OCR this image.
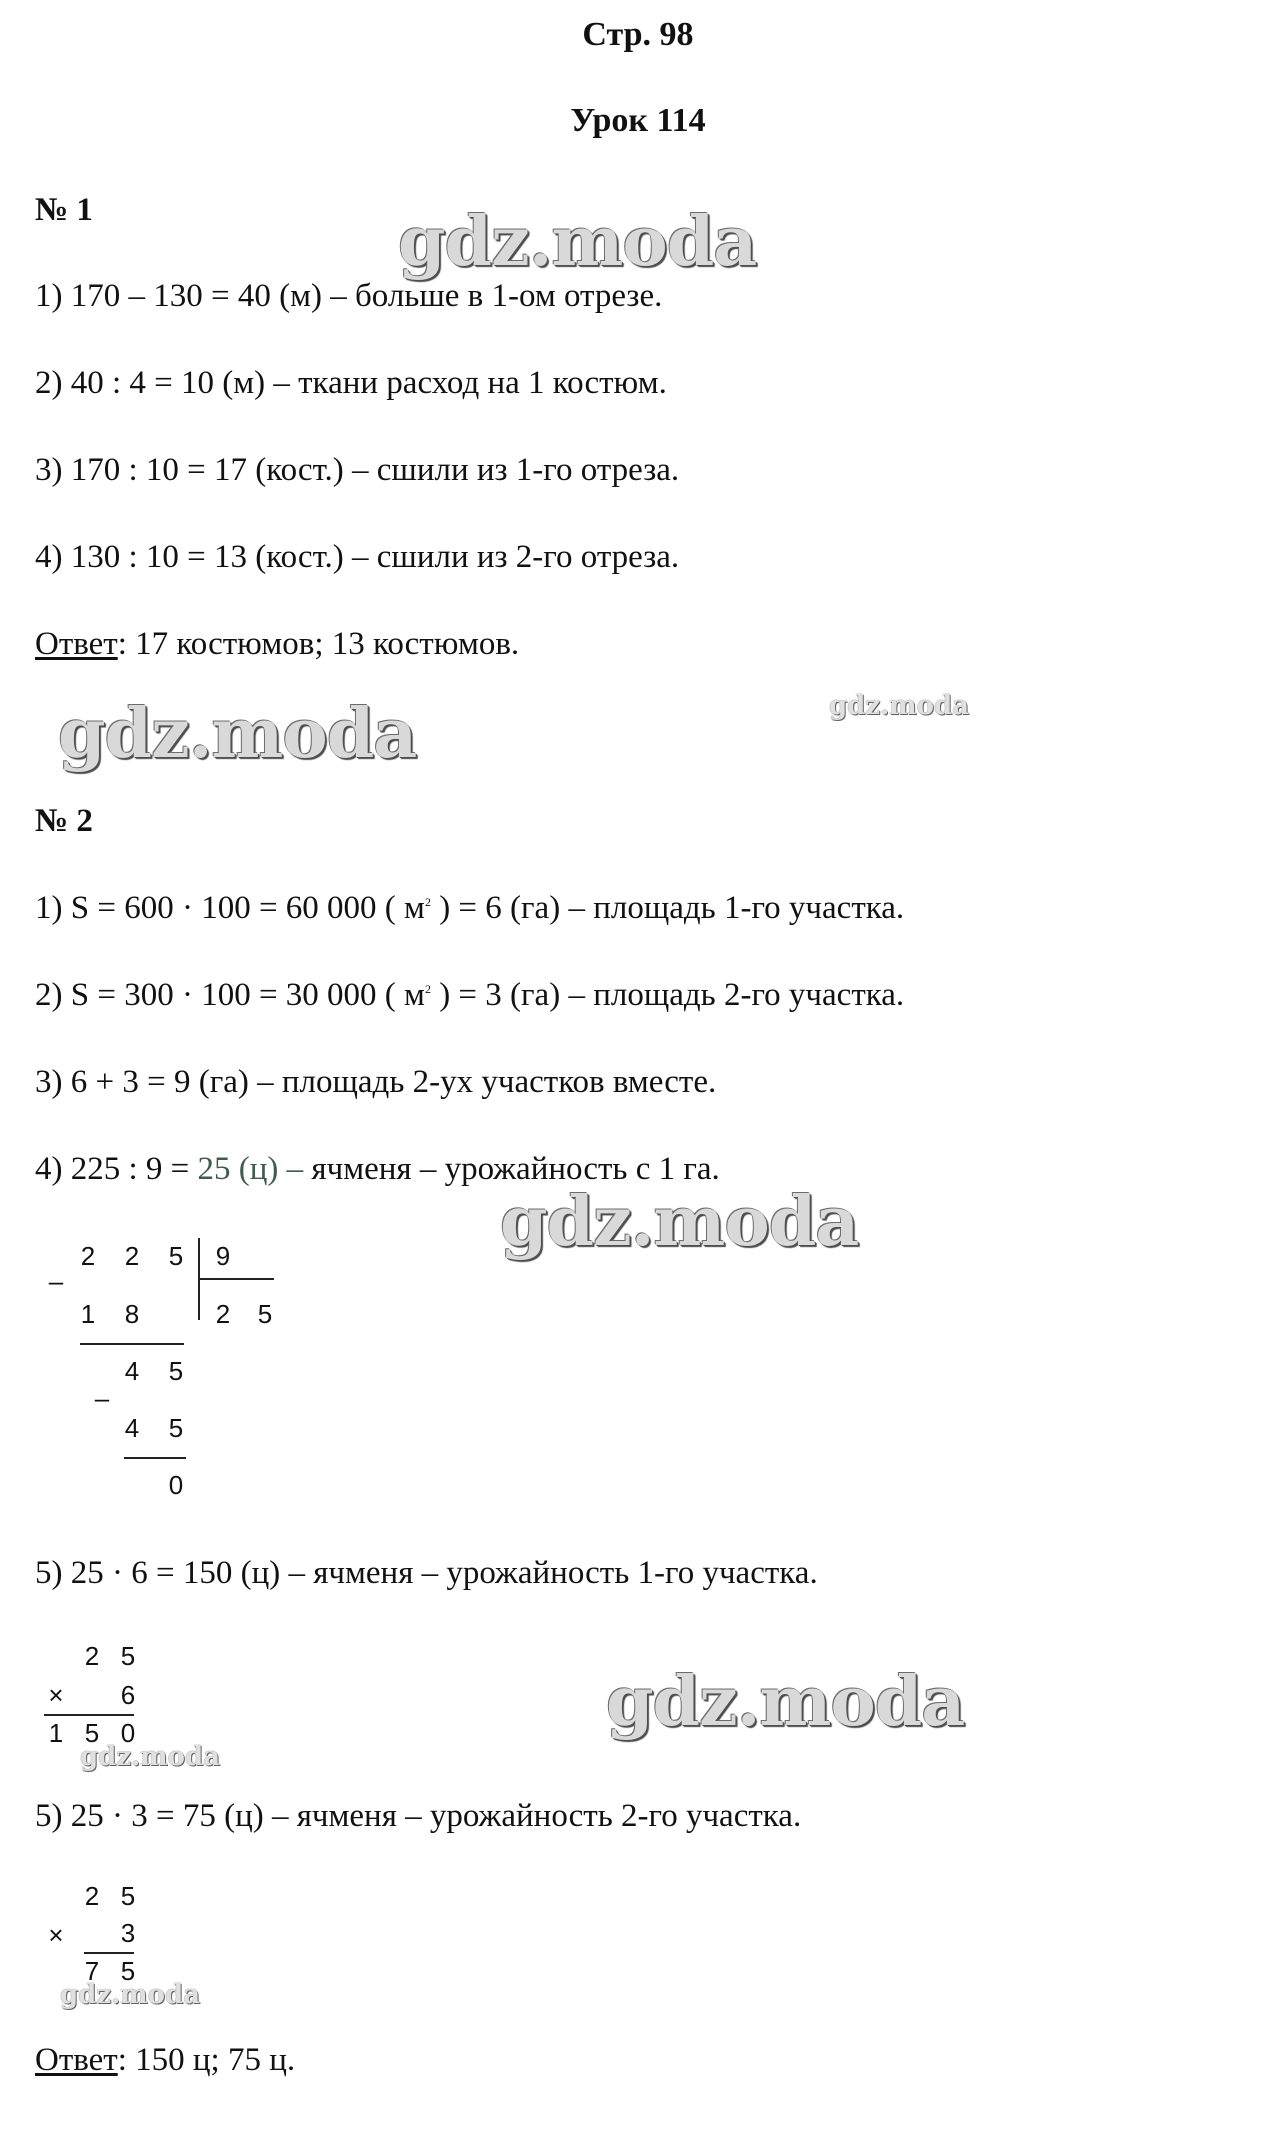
Стр. 98
Урок 114
№ 1
1) 170 – 130 = 40 (м) – больше в 1-ом отрезе.
2) 40 : 4 = 10 (м) – ткани расход на 1 костюм.
3) 170 : 10 = 17 (кост.) – сшили из 1-го отреза.
4) 130 : 10 = 13 (кост.) – сшили из 2-го отреза.
Ответ: 17 костюмов; 13 костюмов.
№ 2
1) S = 600 · 100 = 60 000 ( $м^2$ ) = 6 (га) – площадь 1-го участка.
2) S = 300 · 100 = 30 000 ( $м^2$ ) = 3 (га) – площадь 2-го участка.
3) 6 + 3 = 9 (га) – площадь 2-ух участков вместе.
4) 225 : 9 = 25 (ц) – ячменя – урожайность с 1 га.
2 2 5 9
2 5
–
1 8
4 5
–
4 5
0
5) 25 · 6 = 150 (ц) – ячменя – урожайность 1-го участка.
2 5
× 6
1 5 0
5) 25 · 3 = 75 (ц) – ячменя – урожайность 2-го участка.
2 5
× 3
7 5
Ответ: 150 ц; 75 ц.
gdz.moda
gdz.moda	gdz.moda
gdz.moda
gdz.moda
gdz.moda
gdz.moda
